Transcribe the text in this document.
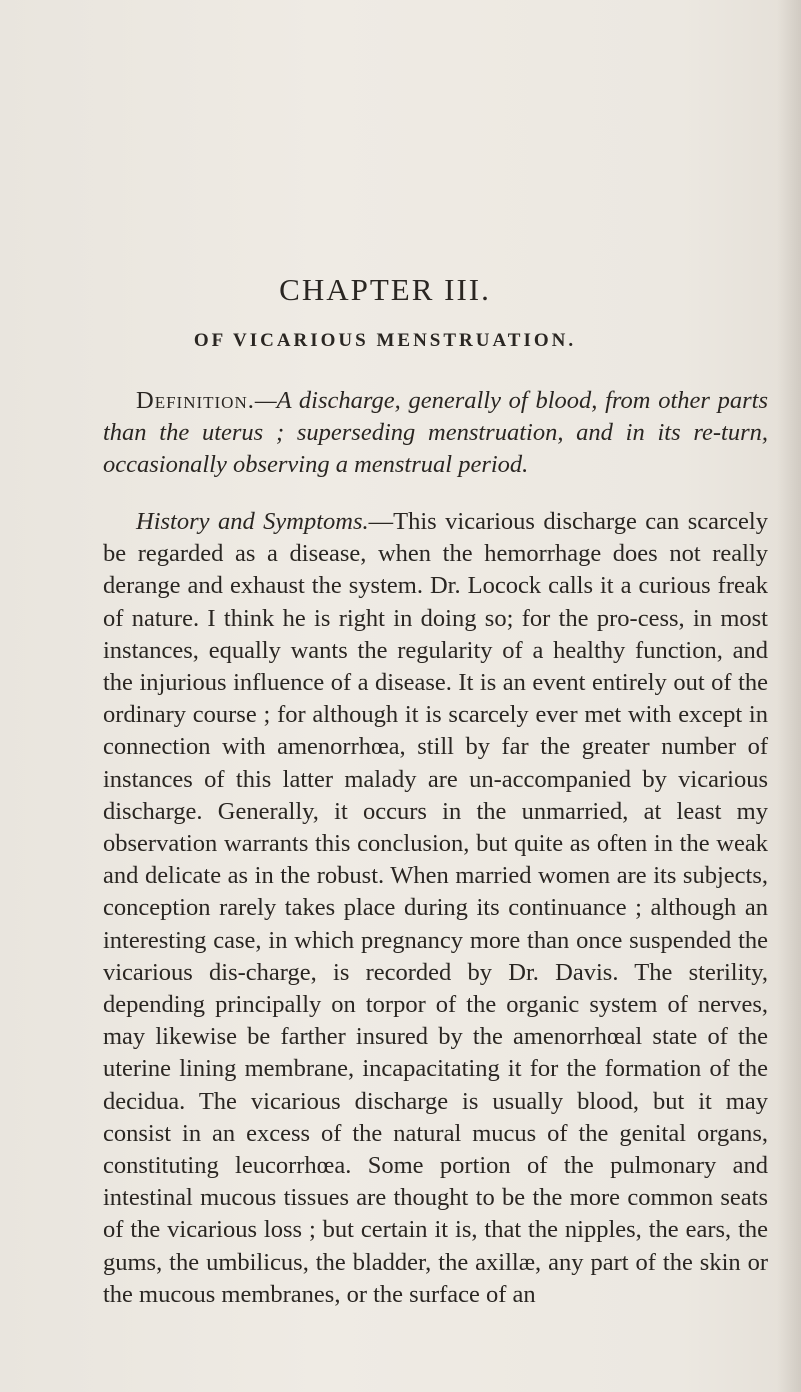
CHAPTER III.
OF VICARIOUS MENSTRUATION.

Definition.—A discharge, generally of blood, from other parts than the uterus ; superseding menstruation, and in its re-turn, occasionally observing a menstrual period.

History and Symptoms.—This vicarious discharge can scarcely be regarded as a disease, when the hemorrhage does not really derange and exhaust the system. Dr. Locock calls it a curious freak of nature. I think he is right in doing so; for the pro-cess, in most instances, equally wants the regularity of a healthy function, and the injurious influence of a disease. It is an event entirely out of the ordinary course ; for although it is scarcely ever met with except in connection with amenorrhœa, still by far the greater number of instances of this latter malady are un-accompanied by vicarious discharge. Generally, it occurs in the unmarried, at least my observation warrants this conclusion, but quite as often in the weak and delicate as in the robust. When married women are its subjects, conception rarely takes place during its continuance ; although an interesting case, in which pregnancy more than once suspended the vicarious dis-charge, is recorded by Dr. Davis. The sterility, depending principally on torpor of the organic system of nerves, may likewise be farther insured by the amenorrhœal state of the uterine lining membrane, incapacitating it for the formation of the decidua. The vicarious discharge is usually blood, but it may consist in an excess of the natural mucus of the genital organs, constituting leucorrhœa. Some portion of the pulmonary and intestinal mucous tissues are thought to be the more common seats of the vicarious loss ; but certain it is, that the nipples, the ears, the gums, the umbilicus, the bladder, the axillæ, any part of the skin or the mucous membranes, or the surface of an
